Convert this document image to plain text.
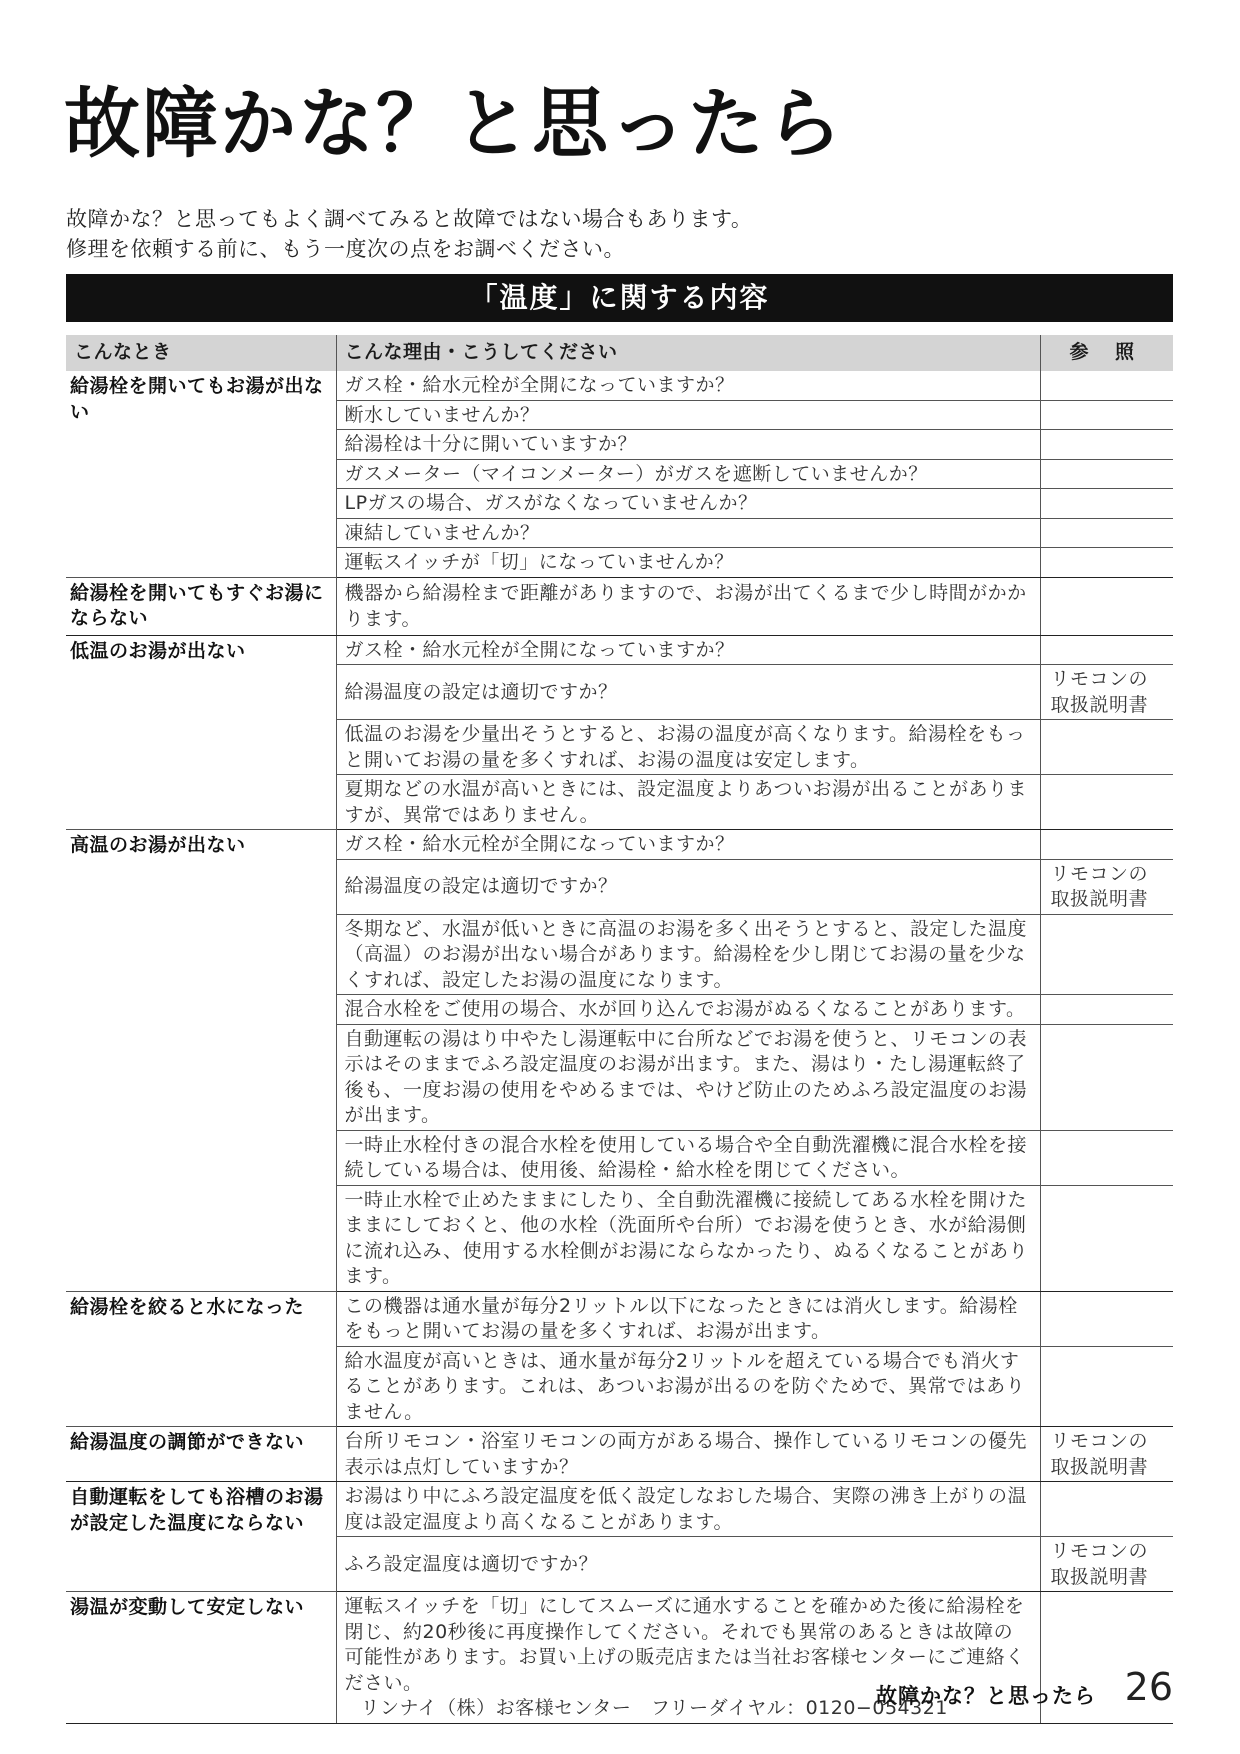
故障かな？と思ったら
故障かな？と思ってもよく調べてみると故障ではない場合もあります。
修理を依頼する前に、もう一度次の点をお調べください。
「温度」に関する内容
こんなとき	こんな理由・こうしてください	参 照
給湯栓を開いてもお湯が出ない	ガス栓・給水元栓が全開になっていますか？	
	断水していませんか？	
	給湯栓は十分に開いていますか？	
	ガスメーター（マイコンメーター）がガスを遮断していませんか？	
	LPガスの場合、ガスがなくなっていませんか？	
	凍結していませんか？	
	運転スイッチが「切」になっていませんか？	
給湯栓を開いてもすぐお湯にならない	機器から給湯栓まで距離がありますので、お湯が出てくるまで少し時間がかかります。	
低温のお湯が出ない	ガス栓・給水元栓が全開になっていますか？	
	給湯温度の設定は適切ですか？	リモコンの取扱説明書
	低温のお湯を少量出そうとすると、お湯の温度が高くなります。給湯栓をもっと開いてお湯の量を多くすれば、お湯の温度は安定します。	
	夏期などの水温が高いときには、設定温度よりあついお湯が出ることがありますが、異常ではありません。	
高温のお湯が出ない	ガス栓・給水元栓が全開になっていますか？	
	給湯温度の設定は適切ですか？	リモコンの取扱説明書
	冬期など、水温が低いときに高温のお湯を多く出そうとすると、設定した温度（高温）のお湯が出ない場合があります。給湯栓を少し閉じてお湯の量を少なくすれば、設定したお湯の温度になります。	
	混合水栓をご使用の場合、水が回り込んでお湯がぬるくなることがあります。	
	自動運転の湯はり中やたし湯運転中に台所などでお湯を使うと、リモコンの表示はそのままでふろ設定温度のお湯が出ます。また、湯はり・たし湯運転終了後も、一度お湯の使用をやめるまでは、やけど防止のためふろ設定温度のお湯が出ます。	
	一時止水栓付きの混合水栓を使用している場合や全自動洗濯機に混合水栓を接続している場合は、使用後、給湯栓・給水栓を閉じてください。	
	一時止水栓で止めたままにしたり、全自動洗濯機に接続してある水栓を開けたままにしておくと、他の水栓（洗面所や台所）でお湯を使うとき、水が給湯側に流れ込み、使用する水栓側がお湯にならなかったり、ぬるくなることがあります。	
給湯栓を絞ると水になった	この機器は通水量が毎分2リットル以下になったときには消火します。給湯栓をもっと開いてお湯の量を多くすれば、お湯が出ます。	
	給水温度が高いときは、通水量が毎分2リットルを超えている場合でも消火することがあります。これは、あついお湯が出るのを防ぐためで、異常ではありません。	
給湯温度の調節ができない	台所リモコン・浴室リモコンの両方がある場合、操作しているリモコンの優先表示は点灯していますか？	リモコンの取扱説明書
自動運転をしても浴槽のお湯が設定した温度にならない	お湯はり中にふろ設定温度を低く設定しなおした場合、実際の沸き上がりの温度は設定温度より高くなることがあります。	
	ふろ設定温度は適切ですか？	リモコンの取扱説明書
湯温が変動して安定しない	運転スイッチを「切」にしてスムーズに通水することを確かめた後に給湯栓を閉じ、約20秒後に再度操作してください。それでも異常のあるときは故障の可能性があります。お買い上げの販売店または当社お客様センターにご連絡ください。
リンナイ（株）お客様センター　フリーダイヤル：0120−054321	

故障かな？と思ったら 26
